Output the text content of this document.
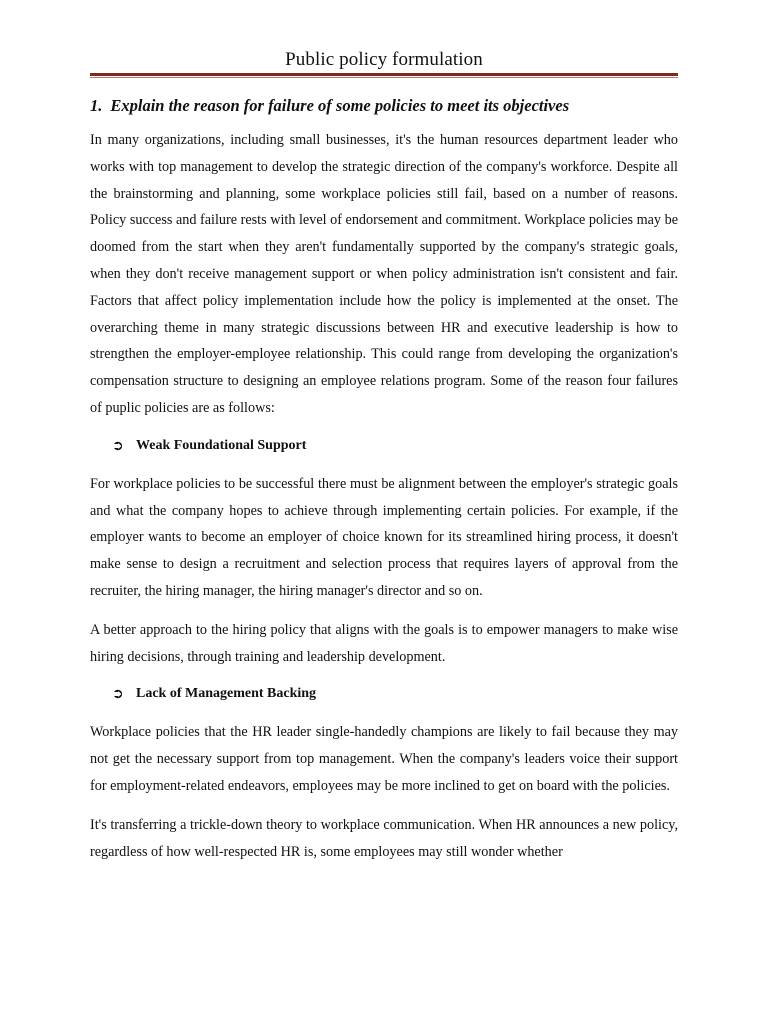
Public policy formulation
1. Explain the reason for failure of some policies to meet its objectives

In many organizations, including small businesses, it's the human resources department leader who works with top management to develop the strategic direction of the company's workforce. Despite all the brainstorming and planning, some workplace policies still fail, based on a number of reasons. Policy success and failure rests with level of endorsement and commitment. Workplace policies may be doomed from the start when they aren't fundamentally supported by the company's strategic goals, when they don't receive management support or when policy administration isn't consistent and fair. Factors that affect policy implementation include how the policy is implemented at the onset. The overarching theme in many strategic discussions between HR and executive leadership is how to strengthen the employer-employee relationship. This could range from developing the organization's compensation structure to designing an employee relations program. Some of the reason four failures of puplic policies are as follows:

➲ Weak Foundational Support

For workplace policies to be successful there must be alignment between the employer's strategic goals and what the company hopes to achieve through implementing certain policies. For example, if the employer wants to become an employer of choice known for its streamlined hiring process, it doesn't make sense to design a recruitment and selection process that requires layers of approval from the recruiter, the hiring manager, the hiring manager's director and so on.

A better approach to the hiring policy that aligns with the goals is to empower managers to make wise hiring decisions, through training and leadership development.

➲ Lack of Management Backing

Workplace policies that the HR leader single-handedly champions are likely to fail because they may not get the necessary support from top management. When the company's leaders voice their support for employment-related endeavors, employees may be more inclined to get on board with the policies.

It's transferring a trickle-down theory to workplace communication. When HR announces a new policy, regardless of how well-respected HR is, some employees may still wonder whether
